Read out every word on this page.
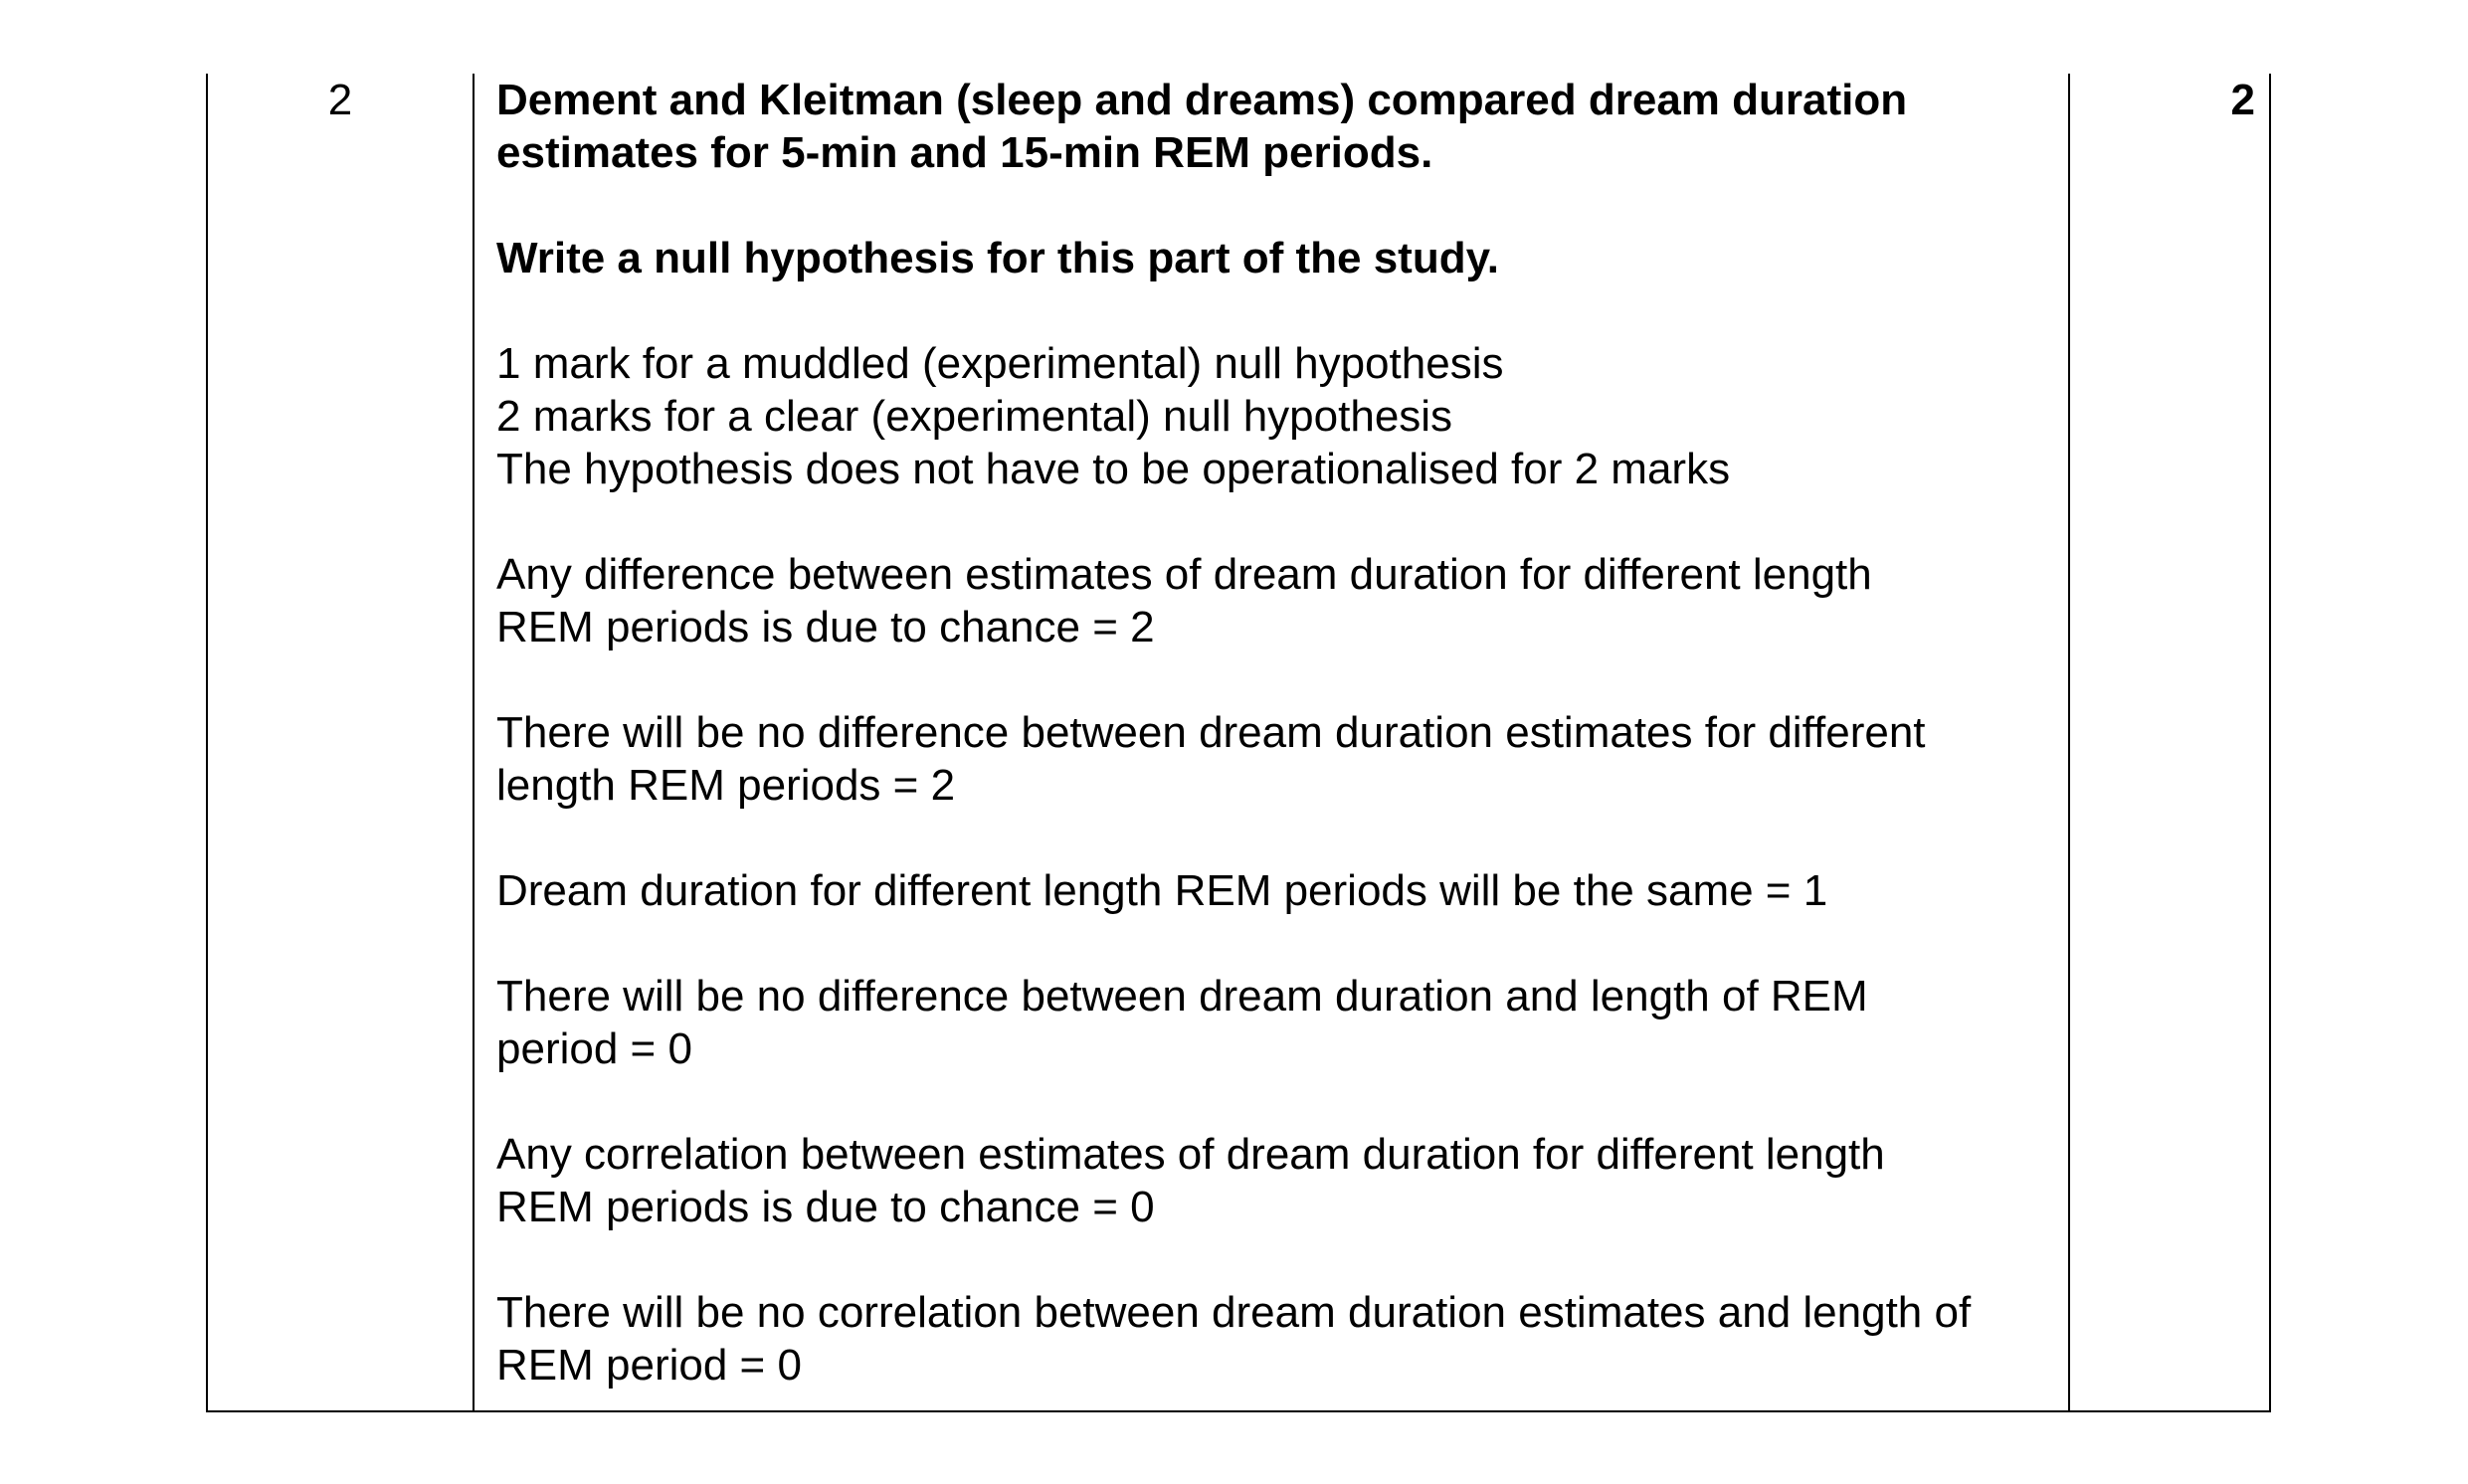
2	Dement and Kleitman (sleep and dreams) compared dream duration
estimates for 5-min and 15-min REM periods.

Write a null hypothesis for this part of the study.

1 mark for a muddled (experimental) null hypothesis
2 marks for a clear (experimental) null hypothesis
The hypothesis does not have to be operationalised for 2 marks

Any difference between estimates of dream duration for different length
REM periods is due to chance = 2

There will be no difference between dream duration estimates for different
length REM periods = 2

Dream duration for different length REM periods will be the same = 1

There will be no difference between dream duration and length of REM
period = 0

Any correlation between estimates of dream duration for different length
REM periods is due to chance = 0

There will be no correlation between dream duration estimates and length of
REM period = 0

2
